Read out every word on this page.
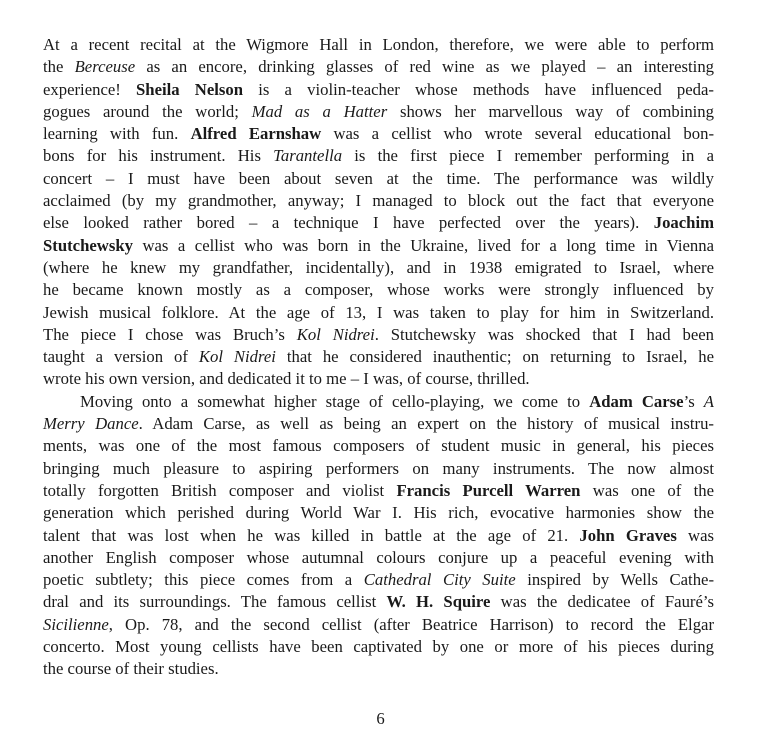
At a recent recital at the Wigmore Hall in London, therefore, we were able to perform
the Berceuse as an encore, drinking glasses of red wine as we played – an interesting
experience! Sheila Nelson is a violin-teacher whose methods have influenced peda-
gogues around the world; Mad as a Hatter shows her marvellous way of combining
learning with fun. Alfred Earnshaw was a cellist who wrote several educational bon-
bons for his instrument. His Tarantella is the first piece I remember performing in a
concert – I must have been about seven at the time. The performance was wildly
acclaimed (by my grandmother, anyway; I managed to block out the fact that everyone
else looked rather bored – a technique I have perfected over the years). Joachim
Stutchewsky was a cellist who was born in the Ukraine, lived for a long time in Vienna
(where he knew my grandfather, incidentally), and in 1938 emigrated to Israel, where
he became known mostly as a composer, whose works were strongly influenced by
Jewish musical folklore. At the age of 13, I was taken to play for him in Switzerland.
The piece I chose was Bruch’s Kol Nidrei. Stutchewsky was shocked that I had been
taught a version of Kol Nidrei that he considered inauthentic; on returning to Israel, he
wrote his own version, and dedicated it to me – I was, of course, thrilled.
Moving onto a somewhat higher stage of cello-playing, we come to Adam Carse’s A
Merry Dance. Adam Carse, as well as being an expert on the history of musical instru-
ments, was one of the most famous composers of student music in general, his pieces
bringing much pleasure to aspiring performers on many instruments. The now almost
totally forgotten British composer and violist Francis Purcell Warren was one of the
generation which perished during World War I. His rich, evocative harmonies show the
talent that was lost when he was killed in battle at the age of 21. John Graves was
another English composer whose autumnal colours conjure up a peaceful evening with
poetic subtlety; this piece comes from a Cathedral City Suite inspired by Wells Cathe-
dral and its surroundings. The famous cellist W. H. Squire was the dedicatee of Fauré’s
Sicilienne, Op. 78, and the second cellist (after Beatrice Harrison) to record the Elgar
concerto. Most young cellists have been captivated by one or more of his pieces during
the course of their studies.
6
